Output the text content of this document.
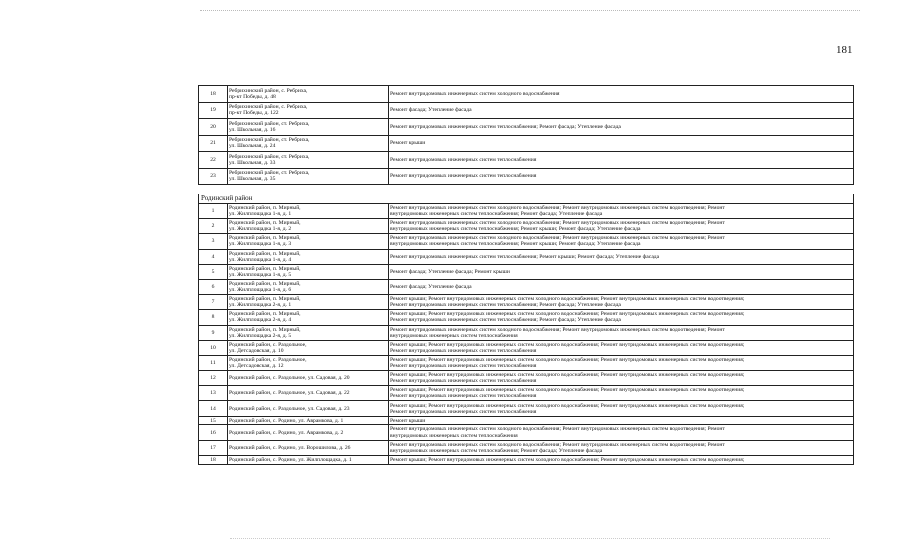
181
18	Ребрихинский район, с. Ребриха,
пр-кт Победы, д. 48	Ремонт внутридомовых инженерных систем холодного водоснабжения
19	Ребрихинский район, с. Ребриха,
пр-кт Победы, д. 122	Ремонт фасада; Утепление фасада
20	Ребрихинский район, ст. Ребриха,
ул. Школьная, д. 16	Ремонт внутридомовых инженерных систем теплоснабжения; Ремонт фасада; Утепление фасада
21	Ребрихинский район, ст. Ребриха,
ул. Школьная, д. 24	Ремонт крыши
22	Ребрихинский район, ст. Ребриха,
ул. Школьная, д. 33	Ремонт внутридомовых инженерных систем теплоснабжения
23	Ребрихинский район, ст. Ребриха,
ул. Школьная, д. 35	Ремонт внутридомовых инженерных систем теплоснабжения

Родинский район		
1	Родинский район, п. Мирный,
ул. Жилплощадка 1-я, д. 1	Ремонт внутридомовых инженерных систем холодного водоснабжения; Ремонт внутридомовых инженерных систем водоотведения; Ремонт
внутридомовых инженерных систем теплоснабжения; Ремонт фасада; Утепление фасада
2	Родинский район, п. Мирный,
ул. Жилплощадка 1-я, д. 2	Ремонт внутридомовых инженерных систем холодного водоснабжения; Ремонт внутридомовых инженерных систем водоотведения; Ремонт
внутридомовых инженерных систем теплоснабжения; Ремонт крыши; Ремонт фасада; Утепление фасада
3	Родинский район, п. Мирный,
ул. Жилплощадка 1-я, д. 3	Ремонт внутридомовых инженерных систем холодного водоснабжения; Ремонт внутридомовых инженерных систем водоотведения; Ремонт
внутридомовых инженерных систем теплоснабжения; Ремонт крыши; Ремонт фасада; Утепление фасада
4	Родинский район, п. Мирный,
ул. Жилплощадка 1-я, д. 4	Ремонт внутридомовых инженерных систем теплоснабжения; Ремонт крыши; Ремонт фасада; Утепление фасада
5	Родинский район, п. Мирный,
ул. Жилплощадка 1-я, д. 5	Ремонт фасада; Утепление фасада; Ремонт крыши
6	Родинский район, п. Мирный,
ул. Жилплощадка 1-я, д. 6	Ремонт фасада; Утепление фасада
7	Родинский район, п. Мирный,
ул. Жилплощадка 2-я, д. 1	Ремонт крыши; Ремонт внутридомовых инженерных систем холодного водоснабжения; Ремонт внутридомовых инженерных систем водоотведения;
Ремонт внутридомовых инженерных систем теплоснабжения; Ремонт фасада; Утепление фасада
8	Родинский район, п. Мирный,
ул. Жилплощадка 2-я, д. 4	Ремонт крыши; Ремонт внутридомовых инженерных систем холодного водоснабжения; Ремонт внутридомовых инженерных систем водоотведения;
Ремонт внутридомовых инженерных систем теплоснабжения; Ремонт фасада; Утепление фасада
9	Родинский район, п. Мирный,
ул. Жилплощадка 2-я, д. 5	Ремонт внутридомовых инженерных систем холодного водоснабжения; Ремонт внутридомовых инженерных систем водоотведения; Ремонт
внутридомовых инженерных систем теплоснабжения
10	Родинский район, с. Раздольное,
ул. Детсадовская, д. 10	Ремонт крыши; Ремонт внутридомовых инженерных систем холодного водоснабжения; Ремонт внутридомовых инженерных систем водоотведения;
Ремонт внутридомовых инженерных систем теплоснабжения
11	Родинский район, с. Раздольное,
ул. Детсадовская, д. 12	Ремонт крыши; Ремонт внутридомовых инженерных систем холодного водоснабжения; Ремонт внутридомовых инженерных систем водоотведения;
Ремонт внутридомовых инженерных систем теплоснабжения
12	Родинский район, с. Раздольное, ул. Садовая, д. 20	Ремонт крыши; Ремонт внутридомовых инженерных систем холодного водоснабжения; Ремонт внутридомовых инженерных систем водоотведения;
Ремонт внутридомовых инженерных систем теплоснабжения
13	Родинский район, с. Раздольное, ул. Садовая, д. 22	Ремонт крыши; Ремонт внутридомовых инженерных систем холодного водоснабжения; Ремонт внутридомовых инженерных систем водоотведения;
Ремонт внутридомовых инженерных систем теплоснабжения
14	Родинский район, с. Раздольное, ул. Садовая, д. 23	Ремонт крыши; Ремонт внутридомовых инженерных систем холодного водоснабжения; Ремонт внутридомовых инженерных систем водоотведения;
Ремонт внутридомовых инженерных систем теплоснабжения
15	Родинский район, с. Родино, ул. Аврамкова, д. 1	Ремонт крыши
16	Родинский район, с. Родино, ул. Аврамкова, д. 2	Ремонт внутридомовых инженерных систем холодного водоснабжения; Ремонт внутридомовых инженерных систем водоотведения; Ремонт
внутридомовых инженерных систем теплоснабжения
17	Родинский район, с. Родино, ул. Ворошилова, д. 26	Ремонт внутридомовых инженерных систем холодного водоснабжения; Ремонт внутридомовых инженерных систем водоотведения; Ремонт
внутридомовых инженерных систем теплоснабжения; Ремонт фасада; Утепление фасада
18	Родинский район, с. Родино, ул. Жилплощадка, д. 1	Ремонт крыши; Ремонт внутридомовых инженерных систем холодного водоснабжения; Ремонт внутридомовых инженерных систем водоотведения;
